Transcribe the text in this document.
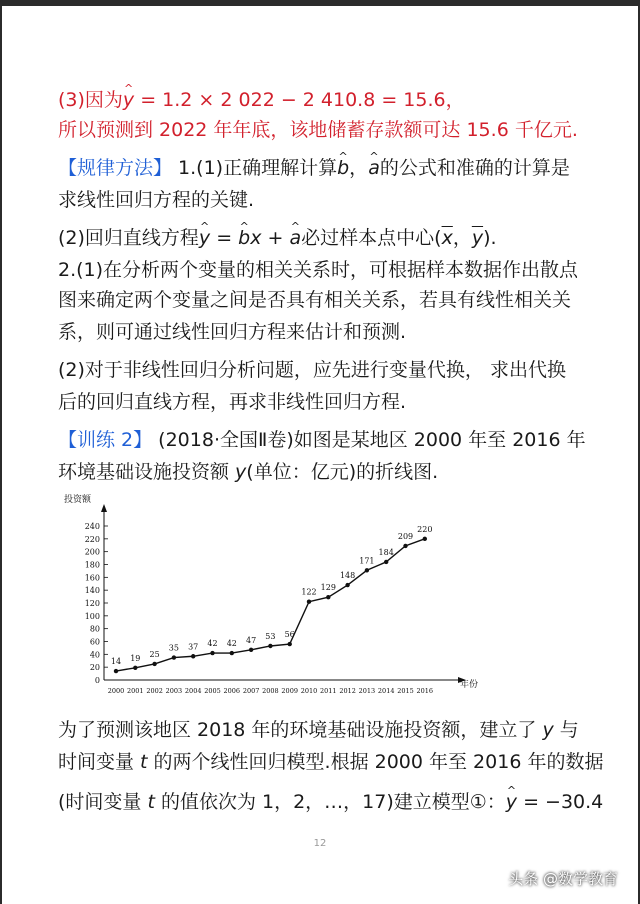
(3)因为^ y = 1.2 × 2 022 − 2 410.8 = 15.6，
所以预测到 2022 年年底，该地储蓄存款额可达 15.6 千亿元.
【规律方法】 1.(1)正确理解计算^ b，^ a的公式和准确的计算是
求线性回归方程的关键.
(2)回归直线方程^ y = ^ bx + ^ a必过样本点中心($\overline{x}$，$\overline{y}$).
2.(1)在分析两个变量的相关关系时，可根据样本数据作出散点
图来确定两个变量之间是否具有相关关系，若具有线性相关关
系，则可通过线性回归方程来估计和预测.
(2)对于非线性回归分析问题，应先进行变量代换， 求出代换
后的回归直线方程，再求非线性回归方程.
【训练 2】 (2018·全国Ⅱ卷)如图是某地区 2000 年至 2016 年
环境基础设施投资额 y(单位：亿元)的折线图.
0
20
40
60
80
100
120
140
160
180
200
220
240
2000 2001 2002 2003 2004 2005 2006 2007 2008 2009 2010 2011 2012 2013 2014 2015 2016
14 19 25
35 37 42 42 47 53 56
122 129
148
171
184
209
220
投资额
年份
为了预测该地区 2018 年的环境基础设施投资额，建立了 y 与
时间变量 t 的两个线性回归模型.根据 2000 年至 2016 年的数据
(时间变量 t 的值依次为 1，2，…，17)建立模型①：^ y = −30.4
12
头条 @数学教育
